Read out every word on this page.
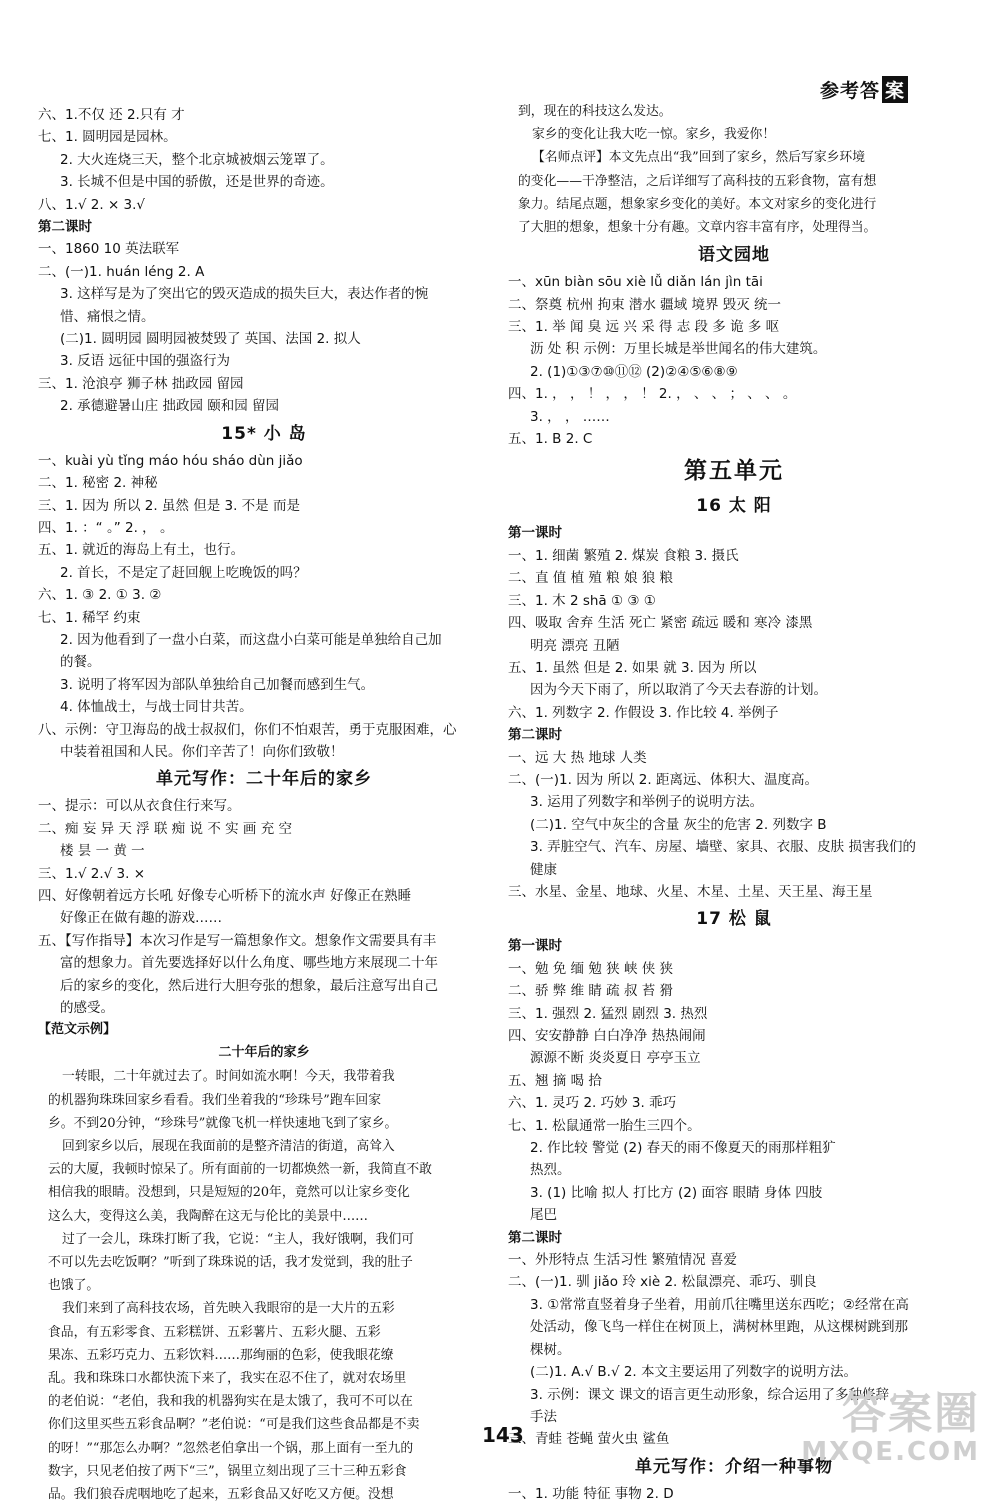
参考答 案
六、1.不仅 还 2.只有 才
七、1. 圆明园是园林。
2. 大火连烧三天，整个北京城被烟云笼罩了。
3. 长城不但是中国的骄傲，还是世界的奇迹。
八、1.√ 2. × 3.√
第二课时
一、1860 10 英法联军
二、(一)1. huán léng 2. A
3. 这样写是为了突出它的毁灭造成的损失巨大，表达作者的惋
惜、痛恨之情。
(二)1. 圆明园 圆明园被焚毁了 英国、法国 2. 拟人
3. 反语 远征中国的强盗行为
三、1. 沧浪亭 狮子林 拙政园 留园
2. 承德避暑山庄 拙政园 颐和园 留园
15* 小 岛
一、kuài yù tǐng máo hóu sháo dùn jiǎo
二、1. 秘密 2. 神秘
三、1. 因为 所以 2. 虽然 但是 3. 不是 而是
四、1. ：“ 。” 2. ， 。
五、1. 就近的海岛上有土，也行。
2. 首长，不是定了赶回舰上吃晚饭的吗？
六、1. ③ 2. ① 3. ②
七、1. 稀罕 约束
2. 因为他看到了一盘小白菜，而这盘小白菜可能是单独给自己加
的餐。
3. 说明了将军因为部队单独给自己加餐而感到生气。
4. 体恤战士，与战士同甘共苦。
八、示例：守卫海岛的战士叔叔们，你们不怕艰苦，勇于克服困难，心
中装着祖国和人民。你们辛苦了！向你们致敬！
单元写作：二十年后的家乡
一、提示：可以从衣食住行来写。
二、痴 妄 异 天 浮 联 痴 说 不 实 画 充 空
楼 昙 一 黄 一
三、1.√ 2.√ 3. ×
四、好像朝着远方长吼 好像专心听桥下的流水声 好像正在熟睡
好像正在做有趣的游戏……
五、【写作指导】本次习作是写一篇想象作文。想象作文需要具有丰
富的想象力。首先要选择好以什么角度、哪些地方来展现二十年
后的家乡的变化，然后进行大胆夸张的想象，最后注意写出自己
的感受。
【范文示例】
二十年后的家乡
一转眼，二十年就过去了。时间如流水啊！今天，我带着我
的机器狗珠珠回家乡看看。我们坐着我的“珍珠号”跑车回家
乡。不到20分钟，“珍珠号”就像飞机一样快速地飞到了家乡。
回到家乡以后，展现在我面前的是整齐清洁的街道，高耸入
云的大厦，我顿时惊呆了。所有面前的一切都焕然一新，我简直不敢
相信我的眼睛。没想到，只是短短的20年，竟然可以让家乡变化
这么大，变得这么美，我陶醉在这无与伦比的美景中……
过了一会儿，珠珠打断了我，它说：“主人，我好饿啊，我们可
不可以先去吃饭啊？”听到了珠珠说的话，我才发觉到，我的肚子
也饿了。
我们来到了高科技农场，首先映入我眼帘的是一大片的五彩
食品，有五彩零食、五彩糕饼、五彩薯片、五彩火腿、五彩
果冻、五彩巧克力、五彩饮料……那绚丽的色彩，使我眼花缭
乱。我和珠珠口水都快流下来了，我实在忍不住了，就对农场里
的老伯说：“老伯，我和我的机器狗实在是太饿了，我可不可以在
你们这里买些五彩食品啊？”老伯说：“可是我们这些食品都是不卖
的呀！”“那怎么办啊？”忽然老伯拿出一个锅，那上面有一至九的
数字，只见老伯按了两下“三”，锅里立刻出现了三十三种五彩食
品。我们狼吞虎咽地吃了起来，五彩食品又好吃又方便。没想
到，现在的科技这么发达。
家乡的变化让我大吃一惊。家乡，我爱你！
【名师点评】本文先点出“我”回到了家乡，然后写家乡环境
的变化——干净整洁，之后详细写了高科技的五彩食物，富有想
象力。结尾点题，想象家乡变化的美好。本文对家乡的变化进行
了大胆的想象，想象十分有趣。文章内容丰富有序，处理得当。
语文园地
一、xūn biàn sōu xiè lǚ diǎn lán jìn tāi
二、祭奠 杭州 拘束 潜水 疆域 境界 毁灭 统一
三、1. 举 闻 臭 远 兴 采 得 志 段 多 诡 多 呕
沥 处 积 示例：万里长城是举世闻名的伟大建筑。
2. (1)①③⑦⑩⑪⑫ (2)②④⑤⑥⑧⑨
四、1. ， ， ！ ， ， ！ 2. ， 、 、 ； 、 、 。
3. ， ， ……
五、1. B 2. C
第五单元
16 太 阳
第一课时
一、1. 细菌 繁殖 2. 煤炭 食粮 3. 摄氏
二、直 值 植 殖 粮 娘 狼 粮
三、1. 木 2 shā ① ③ ①
四、吸取 舍弃 生活 死亡 紧密 疏远 暖和 寒冷 漆黑
明亮 漂亮 丑陋
五、1. 虽然 但是 2. 如果 就 3. 因为 所以
因为今天下雨了，所以取消了今天去春游的计划。
六、1. 列数字 2. 作假设 3. 作比较 4. 举例子
第二课时
一、远 大 热 地球 人类
二、(一)1. 因为 所以 2. 距离远、体积大、温度高。
3. 运用了列数字和举例子的说明方法。
(二)1. 空气中灰尘的含量 灰尘的危害 2. 列数字 B
3. 弄脏空气、汽车、房屋、墙壁、家具、衣服、皮肤 损害我们的
健康
三、水星、金星、地球、火星、木星、土星、天王星、海王星
17 松 鼠
第一课时
一、勉 免 缅 勉 狭 峡 侠 狭
二、骄 弊 维 睛 疏 叔 苔 猾
三、1. 强烈 2. 猛烈 剧烈 3. 热烈
四、安安静静 白白净净 热热闹闹
源源不断 炎炎夏日 亭亭玉立
五、翘 摘 喝 拾
六、1. 灵巧 2. 巧妙 3. 乖巧
七、1. 松鼠通常一胎生三四个。
2. 作比较 警觉 (2) 春天的雨不像夏天的雨那样粗犷
热烈。
3. (1) 比喻 拟人 打比方 (2) 面容 眼睛 身体 四肢
尾巴
第二课时
一、外形特点 生活习性 繁殖情况 喜爱
二、(一)1. 驯 jiǎo 玲 xiè 2. 松鼠漂亮、乖巧、驯良
3. ①常常直竖着身子坐着，用前爪往嘴里送东西吃；②经常在高
处活动，像飞鸟一样住在树顶上，满树林里跑，从这棵树跳到那
棵树。
(二)1. A.√ B.√ 2. 本文主要运用了列数字的说明方法。
3. 示例：课文 课文的语言更生动形象，综合运用了多种修辞
手法
三、青蛙 苍蝇 萤火虫 鲨鱼
单元写作：介绍一种事物
一、1. 功能 特征 事物 2. D
143	答案圈
MXQE.COM
